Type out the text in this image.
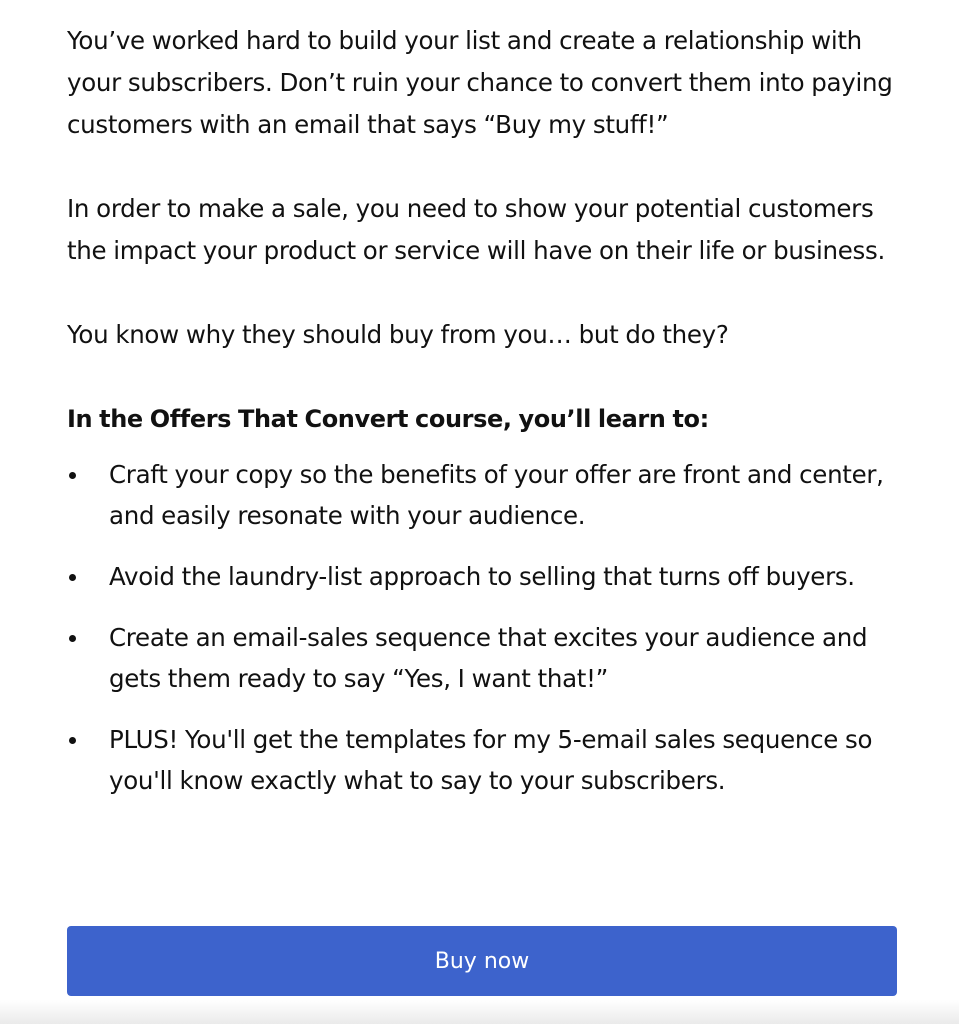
You’ve worked hard to build your list and create a relationship with your subscribers. Don’t ruin your chance to convert them into paying customers with an email that says “Buy my stuff!”

In order to make a sale, you need to show your potential customers the impact your product or service will have on their life or business.

You know why they should buy from you… but do they?

In the Offers That Convert course, you’ll learn to:

Craft your copy so the benefits of your offer are front and center, and easily resonate with your audience.
Avoid the laundry-list approach to selling that turns off buyers.
Create an email-sales sequence that excites your audience and gets them ready to say “Yes, I want that!”
PLUS! You'll get the templates for my 5-email sales sequence so you'll know exactly what to say to your subscribers.
Buy now
